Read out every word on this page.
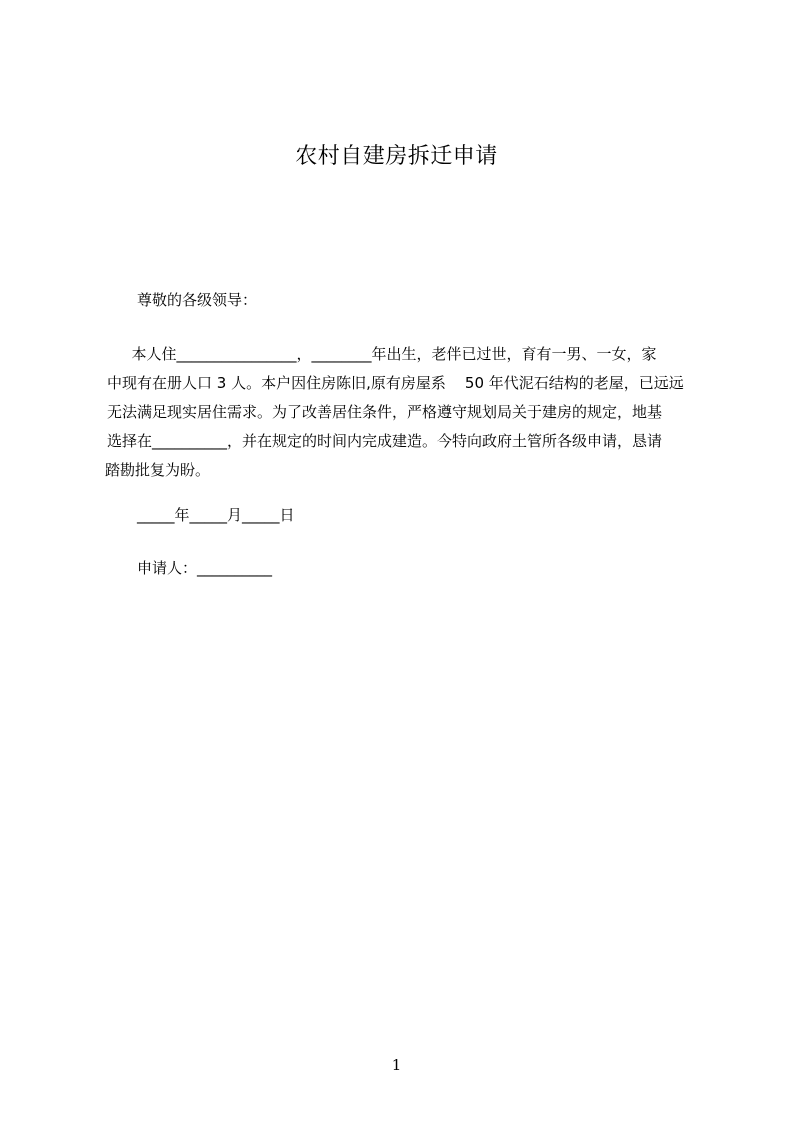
农村自建房拆迁申请
尊敬的各级领导：
本人住________________，________年出生，老伴已过世，育有一男、一女，家
中现有在册人口 3 人。本户因住房陈旧,原有房屋系    50 年代泥石结构的老屋，已远远
无法满足现实居住需求。为了改善居住条件，严格遵守规划局关于建房的规定，地基
选择在__________，并在规定的时间内完成建造。今特向政府土管所各级申请，恳请
踏勘批复为盼。
_____年_____月_____日
申请人：__________
1
